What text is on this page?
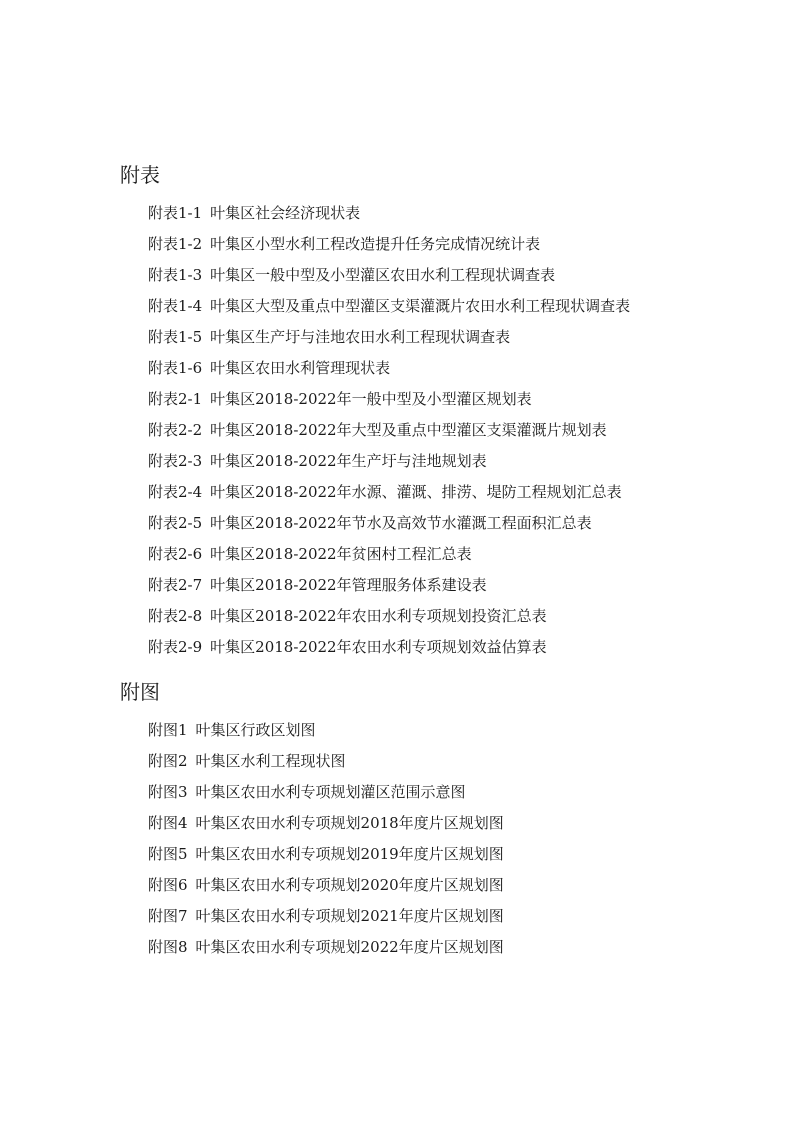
附表
附表1-1 叶集区社会经济现状表
附表1-2 叶集区小型水利工程改造提升任务完成情况统计表
附表1-3 叶集区一般中型及小型灌区农田水利工程现状调查表
附表1-4 叶集区大型及重点中型灌区支渠灌溉片农田水利工程现状调查表
附表1-5 叶集区生产圩与洼地农田水利工程现状调查表
附表1-6 叶集区农田水利管理现状表
附表2-1 叶集区2018-2022年一般中型及小型灌区规划表
附表2-2 叶集区2018-2022年大型及重点中型灌区支渠灌溉片规划表
附表2-3 叶集区2018-2022年生产圩与洼地规划表
附表2-4 叶集区2018-2022年水源、灌溉、排涝、堤防工程规划汇总表
附表2-5 叶集区2018-2022年节水及高效节水灌溉工程面积汇总表
附表2-6 叶集区2018-2022年贫困村工程汇总表
附表2-7 叶集区2018-2022年管理服务体系建设表
附表2-8 叶集区2018-2022年农田水利专项规划投资汇总表
附表2-9 叶集区2018-2022年农田水利专项规划效益估算表
附图
附图1 叶集区行政区划图
附图2 叶集区水利工程现状图
附图3 叶集区农田水利专项规划灌区范围示意图
附图4 叶集区农田水利专项规划2018年度片区规划图
附图5 叶集区农田水利专项规划2019年度片区规划图
附图6 叶集区农田水利专项规划2020年度片区规划图
附图7 叶集区农田水利专项规划2021年度片区规划图
附图8 叶集区农田水利专项规划2022年度片区规划图
